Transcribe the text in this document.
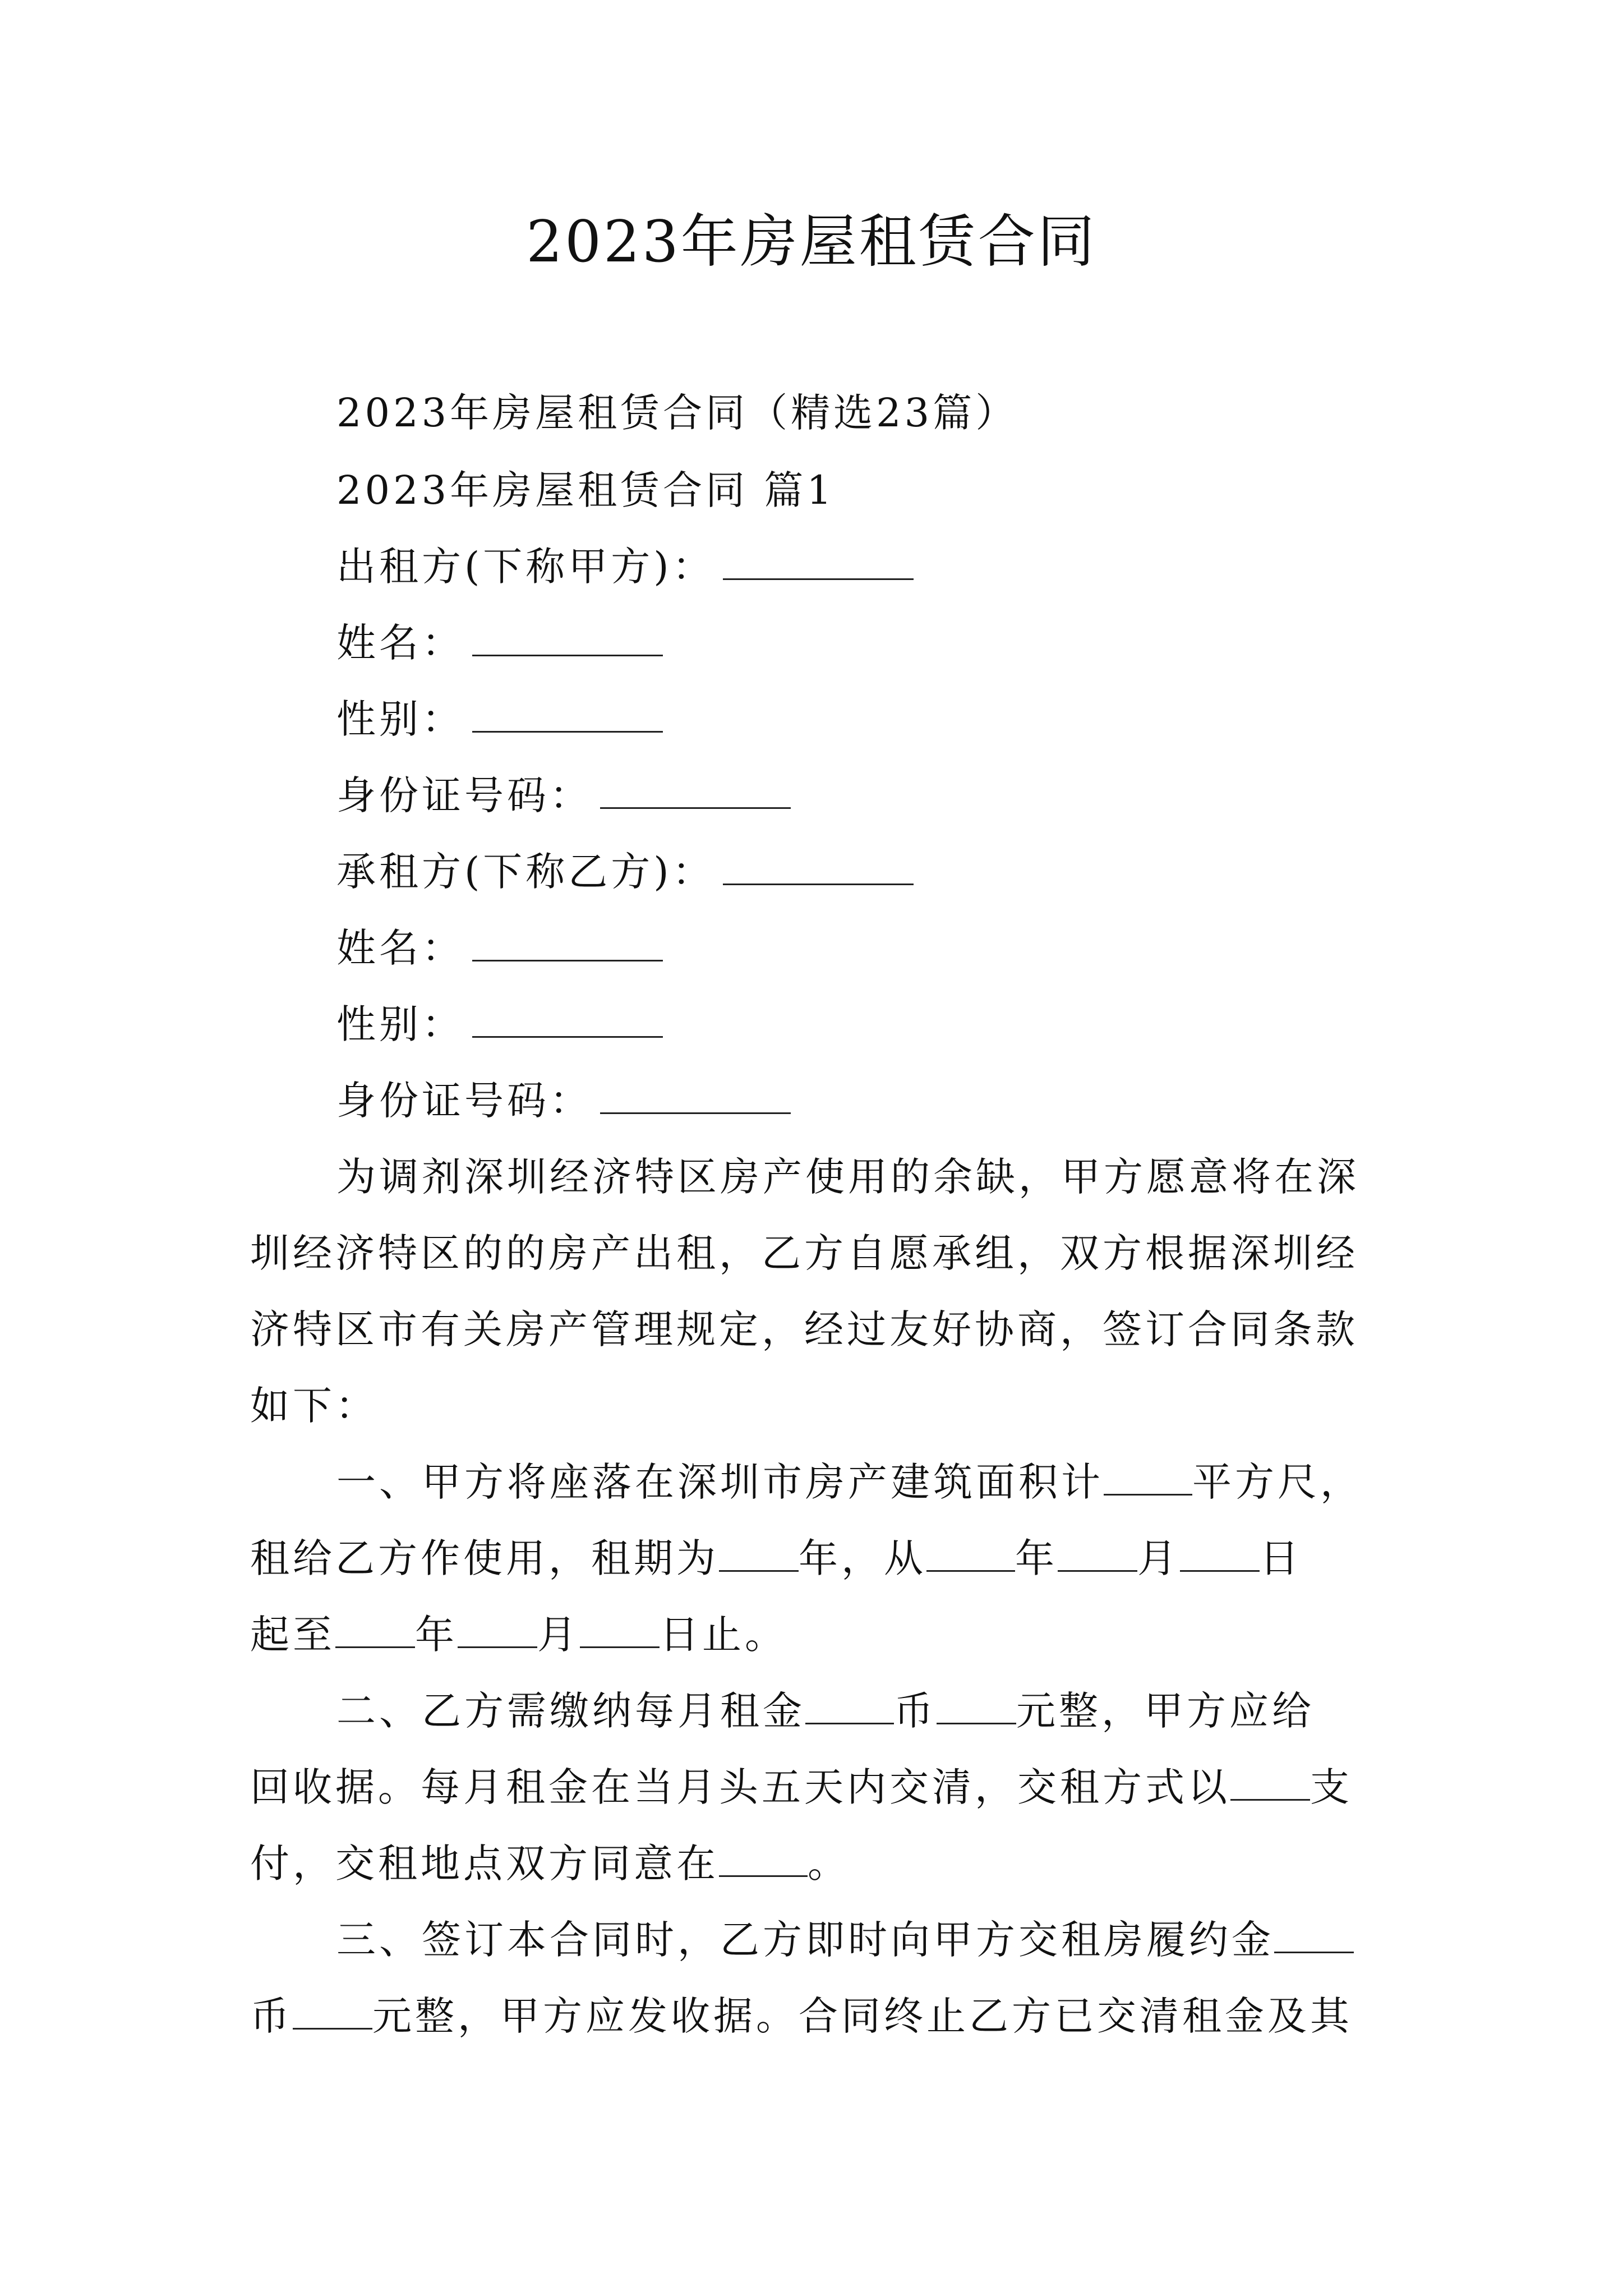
2023年房屋租赁合同
2023年房屋租赁合同（精选23篇）
2023年房屋租赁合同 篇1
出租方(下称甲方)：
姓名：
性别：
身份证号码：
承租方(下称乙方)：
姓名：
性别：
身份证号码：
为调剂深圳经济特区房产使用的余缺，甲方愿意将在深
圳经济特区的的房产出租，乙方自愿承组，双方根据深圳经
济特区市有关房产管理规定，经过友好协商，签订合同条款
如下：
一、甲方将座落在深圳市房产建筑面积计 平方尺，
租给乙方作使用，租期为 年，从 年 月 日
起至 年 月 日止。
二、乙方需缴纳每月租金 币 元整，甲方应给
回收据。每月租金在当月头五天内交清，交租方式以 支
付，交租地点双方同意在 。
三、签订本合同时，乙方即时向甲方交租房履约金
币 元整，甲方应发收据。合同终止乙方已交清租金及其
